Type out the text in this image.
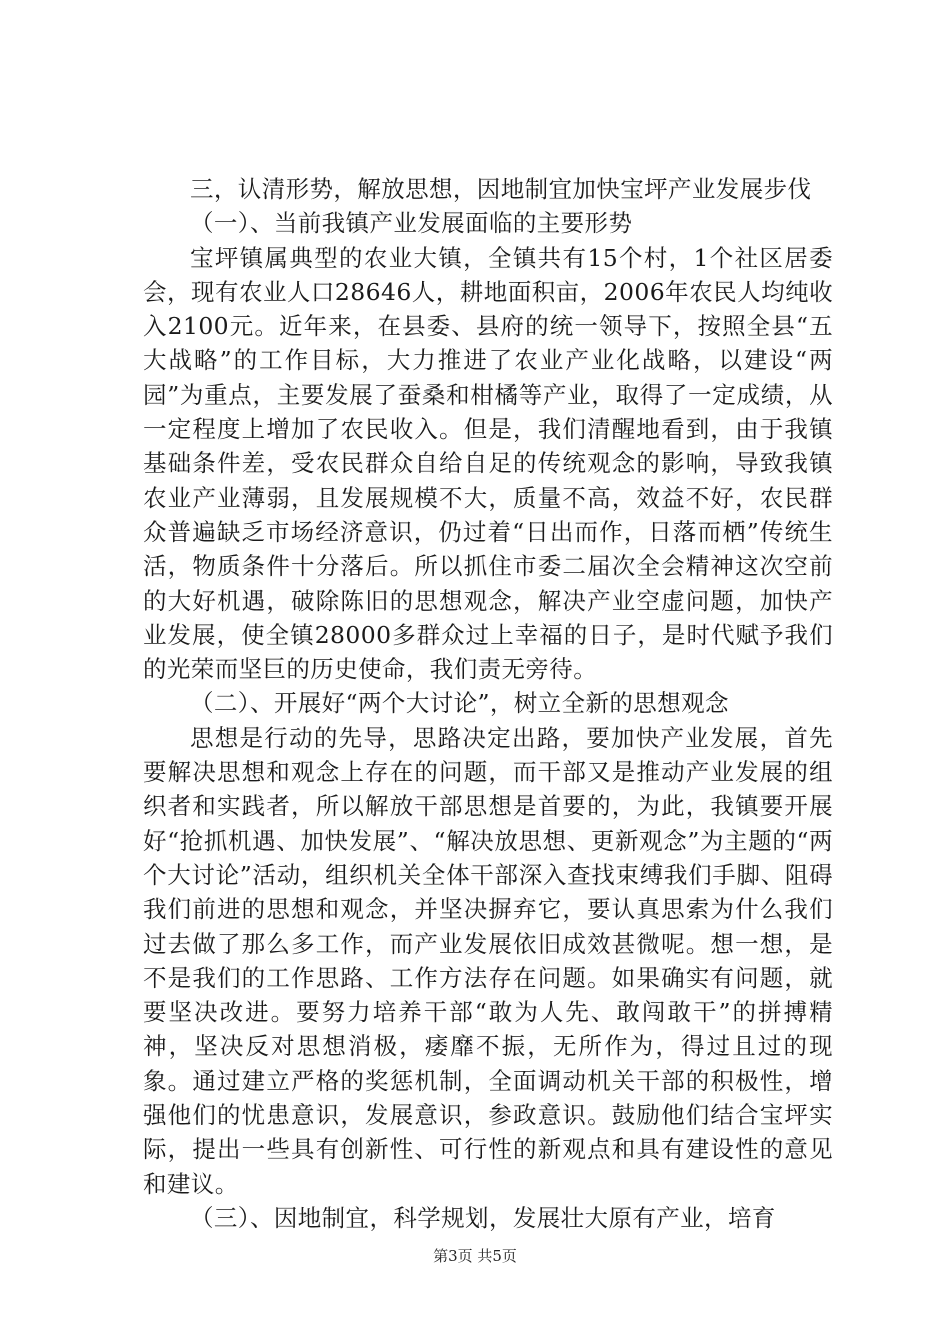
三，认清形势，解放思想，因地制宜加快宝坪产业发展步伐

（一）、当前我镇产业发展面临的主要形势

宝坪镇属典型的农业大镇，全镇共有15个村，1个社区居委会，现有农业人口28646人，耕地面积亩，2006年农民人均纯收入2100元。近年来，在县委、县府的统一领导下，按照全县“五大战略”的工作目标，大力推进了农业产业化战略，以建设“两园”为重点，主要发展了蚕桑和柑橘等产业，取得了一定成绩，从一定程度上增加了农民收入。但是，我们清醒地看到，由于我镇基础条件差，受农民群众自给自足的传统观念的影响，导致我镇农业产业薄弱，且发展规模不大，质量不高，效益不好，农民群众普遍缺乏市场经济意识，仍过着“日出而作，日落而栖”传统生活，物质条件十分落后。所以抓住市委二届次全会精神这次空前的大好机遇，破除陈旧的思想观念，解决产业空虚问题，加快产业发展，使全镇28000多群众过上幸福的日子，是时代赋予我们的光荣而坚巨的历史使命，我们责无旁待。

（二）、开展好“两个大讨论”，树立全新的思想观念

思想是行动的先导，思路决定出路，要加快产业发展，首先要解决思想和观念上存在的问题，而干部又是推动产业发展的组织者和实践者，所以解放干部思想是首要的，为此，我镇要开展好“抢抓机遇、加快发展”、“解决放思想、更新观念”为主题的“两个大讨论”活动，组织机关全体干部深入查找束缚我们手脚、阻碍我们前进的思想和观念，并坚决摒弃它，要认真思索为什么我们过去做了那么多工作，而产业发展依旧成效甚微呢。想一想，是不是我们的工作思路、工作方法存在问题。如果确实有问题，就要坚决改进。要努力培养干部“敢为人先、敢闯敢干”的拼搏精神，坚决反对思想消极，痿靡不振，无所作为，得过且过的现象。通过建立严格的奖惩机制，全面调动机关干部的积极性，增强他们的忧患意识，发展意识，参政意识。鼓励他们结合宝坪实际，提出一些具有创新性、可行性的新观点和具有建设性的意见和建议。

（三）、因地制宜，科学规划，发展壮大原有产业，培育

第3页 共5页
